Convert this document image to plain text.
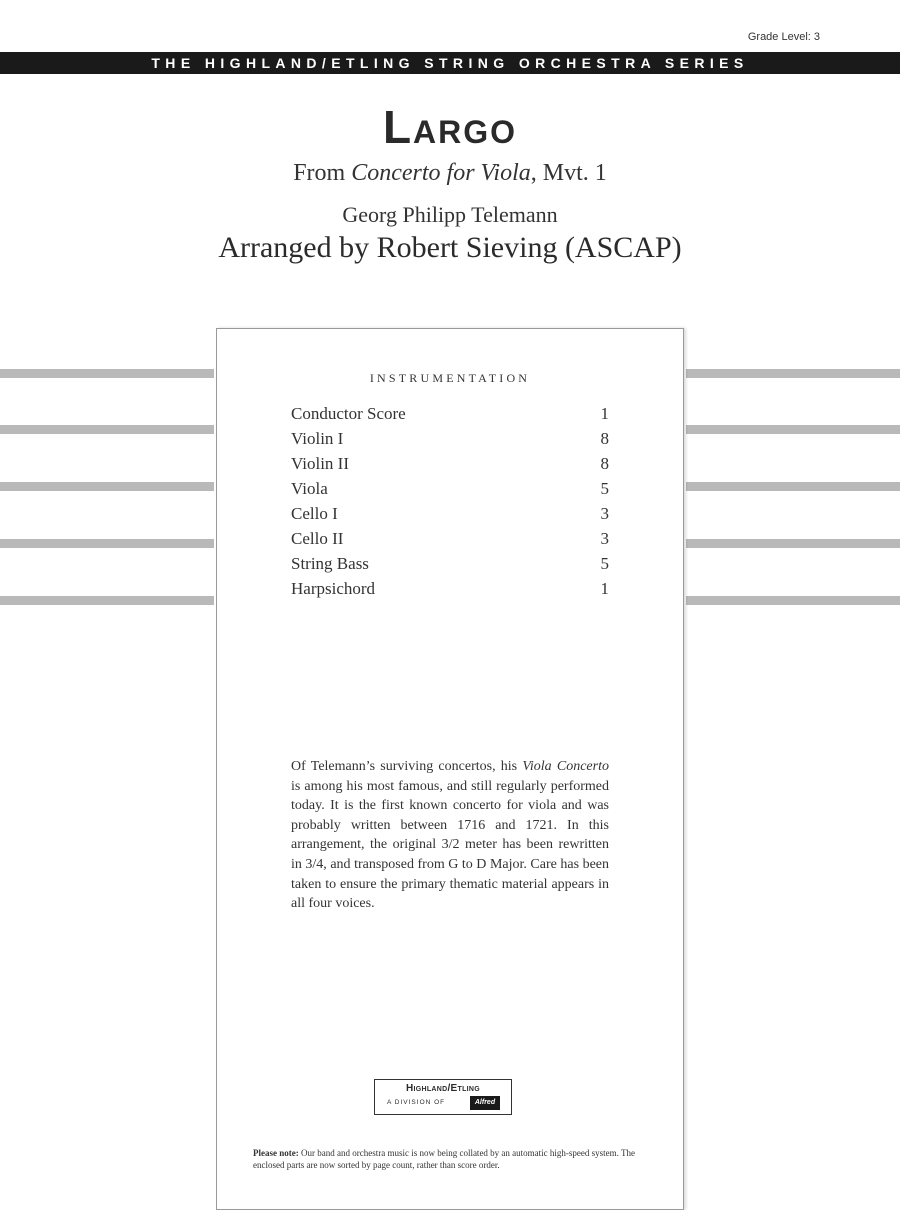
Grade Level: 3
THE HIGHLAND/ETLING STRING ORCHESTRA SERIES
Largo
From Concerto for Viola, Mvt. 1
Georg Philipp Telemann
Arranged by Robert Sieving (ASCAP)
INSTRUMENTATION
Conductor Score	1
Violin I	8
Violin II	8
Viola	5
Cello I	3
Cello II	3
String Bass	5
Harpsichord	1
Of Telemann’s surviving concertos, his Viola Concerto is among his most famous, and still regularly performed today. It is the first known concerto for viola and was probably written between 1716 and 1721. In this arrangement, the original 3/2 meter has been rewritten in 3/4, and transposed from G to D Major. Care has been taken to ensure the primary thematic material appears in all four voices.
Highland/Etling
A DIVISION OF	Alfred
Please note: Our band and orchestra music is now being collated by an automatic high-speed system. The enclosed parts are now sorted by page count, rather than score order.
